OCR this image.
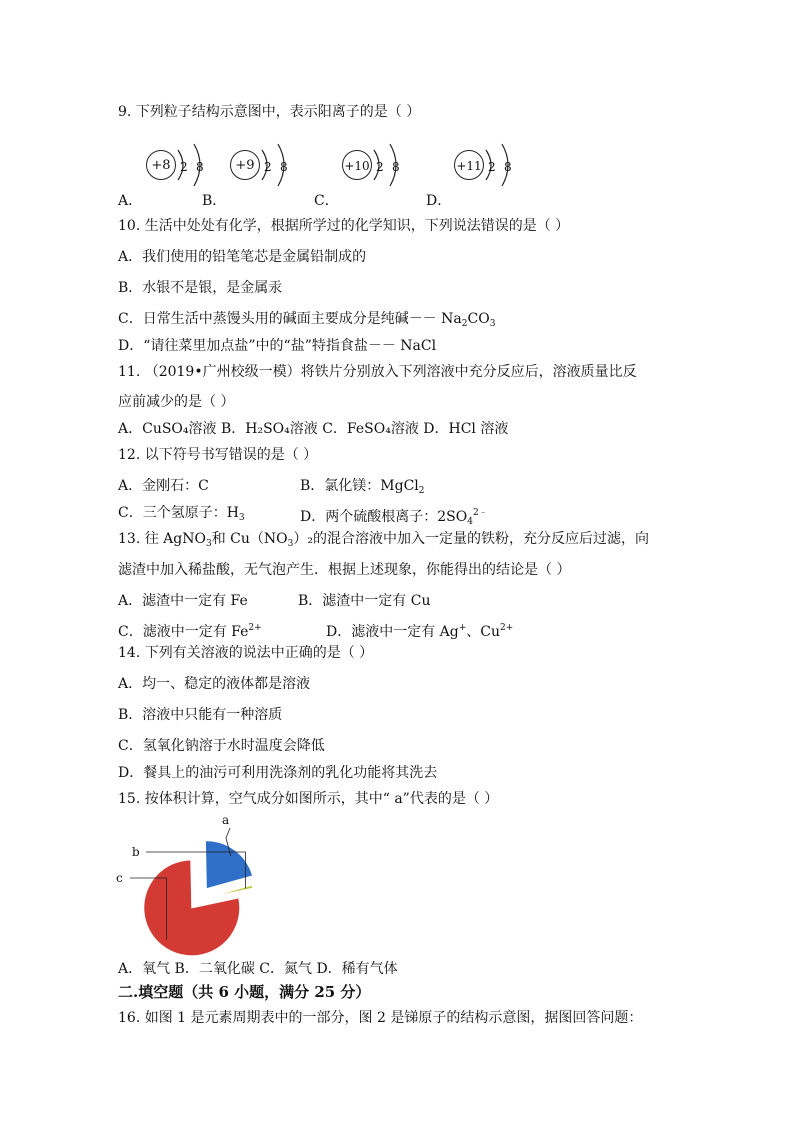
9. 下列粒子结构示意图中，表示阳离子的是（ ）
A．
+8 2 8
B．
+9 2 8
C．
+10 2 8
D．
+11 2 8
10. 生活中处处有化学，根据所学过的化学知识，下列说法错误的是（ ）
A．我们使用的铅笔笔芯是金属铅制成的
B．水银不是银，是金属汞
C．日常生活中蒸馒头用的碱面主要成分是纯碱－－ $Na_2CO_3$
D．“请往菜里加点盐”中的“盐”特指食盐－－ NaCl
11. （2019•广州校级一模）将铁片分别放入下列溶液中充分反应后，溶液质量比反
应前减少的是（ ）
A．CuSO₄溶液 B．H₂SO₄溶液 C．FeSO₄溶液 D．HCl 溶液
12. 以下符号书写错误的是（ ）
A．金刚石：C	B．氯化镁：MgCl$_2$
C．三个氢原子：$H_3$	D．两个硫酸根离子：$2SO_4^{2﹣}$
13. 往 AgNO$_3$和 $Cu(NO_3)_2$的混合溶液中加入一定量的铁粉，充分反应后过滤，向
滤渣中加入稀盐酸，无气泡产生．根据上述现象，你能得出的结论是（ ）
A．滤渣中一定有 Fe	B．滤渣中一定有 Cu
C．滤液中一定有 $Fe^{2+}$	D．滤液中一定有 Ag+、$Cu^{2+}$
14. 下列有关溶液的说法中正确的是（ ）
A．均一、稳定的液体都是溶液
B．溶液中只能有一种溶质
C．氢氧化钠溶于水时温度会降低
D．餐具上的油污可利用洗涤剂的乳化功能将其洗去
15. 按体积计算，空气成分如图所示，其中“ a”代表的是（ ）
a
b
c
A．氧气 B．二氧化碳 C．氮气 D．稀有气体
二.填空题（共 6 小题，满分 25 分）
16. 如图 1 是元素周期表中的一部分，图 2 是锑原子的结构示意图，据图回答问题：
